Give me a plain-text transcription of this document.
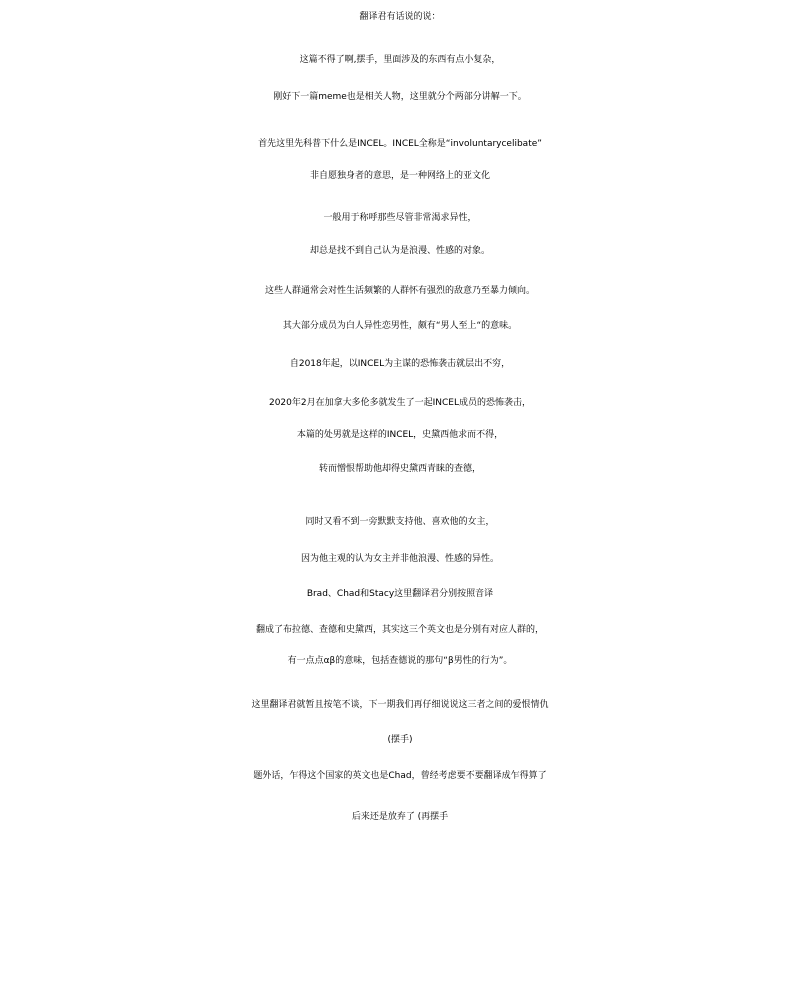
翻译君有话说的说：
这篇不得了啊,摆手，里面涉及的东西有点小复杂，
刚好下一篇meme也是相关人物，这里就分个两部分讲解一下。
首先这里先科普下什么是INCEL。INCEL全称是“involuntarycelibate”
非自愿独身者的意思，是一种网络上的亚文化
一般用于称呼那些尽管非常渴求异性，
却总是找不到自己认为是浪漫、性感的对象。
这些人群通常会对性生活频繁的人群怀有强烈的敌意乃至暴力倾向。
其大部分成员为白人异性恋男性，颇有“男人至上“的意味。
自2018年起，以INCEL为主谋的恐怖袭击就层出不穷，
2020年2月在加拿大多伦多就发生了一起INCEL成员的恐怖袭击，
本篇的处男就是这样的INCEL，史黛西他求而不得，
转而憎恨帮助他却得史黛西青睐的查德，
同时又看不到一旁默默支持他、喜欢他的女主，
因为他主观的认为女主并非他浪漫、性感的异性。
Brad、Chad和Stacy这里翻译君分别按照音译
翻成了布拉德、查德和史黛西，其实这三个英文也是分别有对应人群的，
有一点点αβ的意味，包括查德说的那句“β男性的行为”。
这里翻译君就暂且按笔不谈，下一期我们再仔细说说这三者之间的爱恨情仇
(摆手)
题外话，乍得这个国家的英文也是Chad，曾经考虑要不要翻译成乍得算了
后来还是放弃了 (再摆手
